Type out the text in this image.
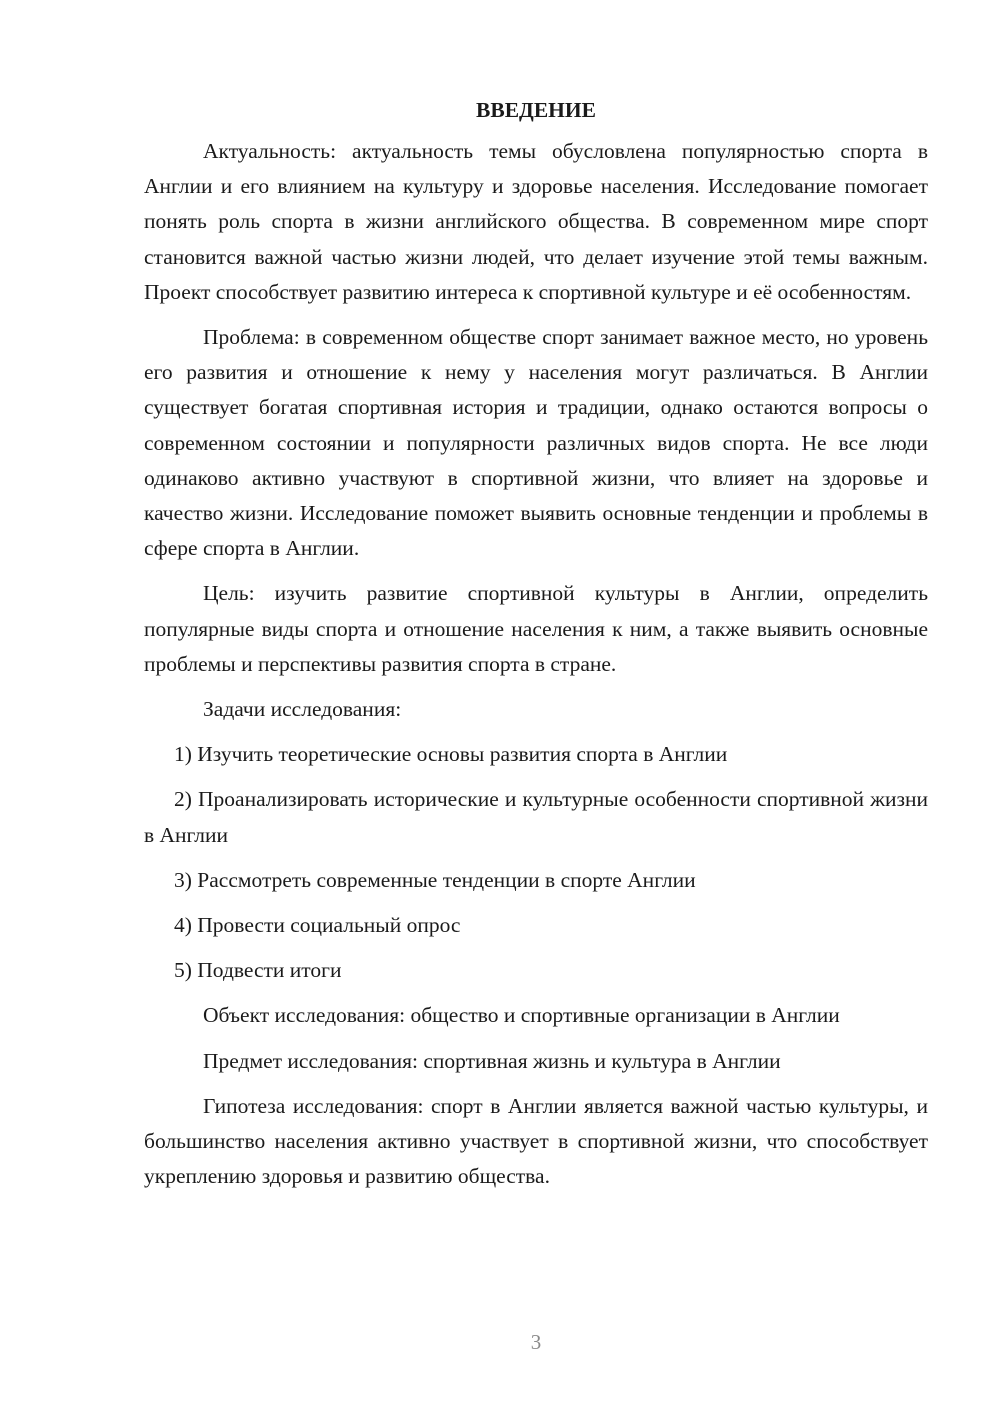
ВВЕДЕНИЕ

Актуальность: актуальность темы обусловлена популярностью спорта в Англии и его влиянием на культуру и здоровье населения. Исследование помогает понять роль спорта в жизни английского общества. В современном мире спорт становится важной частью жизни людей, что делает изучение этой темы важным. Проект способствует развитию интереса к спортивной культуре и её особенностям.

Проблема: в современном обществе спорт занимает важное место, но уровень его развития и отношение к нему у населения могут различаться. В Англии существует богатая спортивная история и традиции, однако остаются вопросы о современном состоянии и популярности различных видов спорта. Не все люди одинаково активно участвуют в спортивной жизни, что влияет на здоровье и качество жизни. Исследование поможет выявить основные тенденции и проблемы в сфере спорта в Англии.

Цель: изучить развитие спортивной культуры в Англии, определить популярные виды спорта и отношение населения к ним, а также выявить основные проблемы и перспективы развития спорта в стране.

Задачи исследования:

1) Изучить теоретические основы развития спорта в Англии

2) Проанализировать исторические и культурные особенности спортивной жизни в Англии

3) Рассмотреть современные тенденции в спорте Англии

4) Провести социальный опрос

5) Подвести итоги

Объект исследования: общество и спортивные организации в Англии

Предмет исследования: спортивная жизнь и культура в Англии

Гипотеза исследования: спорт в Англии является важной частью культуры, и большинство населения активно участвует в спортивной жизни, что способствует укреплению здоровья и развитию общества.

3
